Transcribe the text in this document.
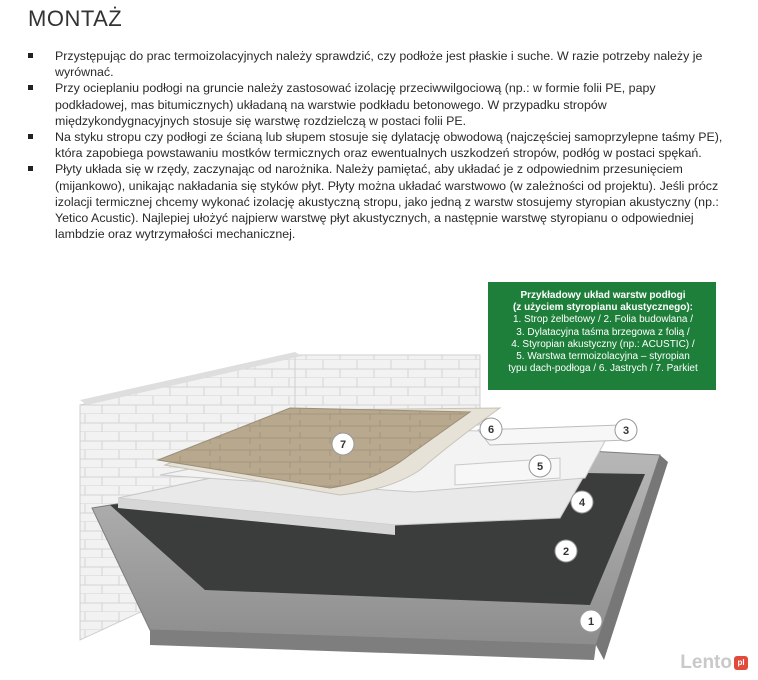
MONTAŻ
Przystępując do prac termoizolacyjnych należy sprawdzić, czy podłoże jest płaskie i suche. W razie potrzeby należy je wyrównać.
Przy ocieplaniu podłogi na gruncie należy zastosować izolację przeciwwilgociową (np.: w formie folii PE, papy podkładowej, mas bitumicznych) układaną na warstwie podkładu betonowego. W przypadku stropów międzykondygnacyjnych stosuje się warstwę rozdzielczą w postaci folii PE.
Na styku stropu czy podłogi ze ścianą lub słupem stosuje się dylatację obwodową (najczęściej samoprzylepne taśmy PE), która zapobiega powstawaniu mostków termicznych oraz ewentualnych uszkodzeń stropów, podłóg w postaci spękań.
Płyty układa się w rzędy, zaczynając od narożnika. Należy pamiętać, aby układać je z odpowiednim przesunięciem (mijankowo), unikając nakładania się styków płyt. Płyty można układać warstwowo (w zależności od projektu). Jeśli prócz izolacji termicznej chcemy wykonać izolację akustyczną stropu, jako jedną z warstw stosujemy styropian akustyczny (np.: Yetico Acustic). Najlepiej ułożyć najpierw warstwę płyt akustycznych, a następnie warstwę styropianu o odpowiedniej lambdzie oraz wytrzymałości mechanicznej.
1
2
3
4
5
6
7
Przykładowy układ warstw podłogi
(z użyciem styropianu akustycznego):
1. Strop żelbetowy / 2. Folia budowlana /
3. Dylatacyjna taśma brzegowa z folią /
4. Styropian akustyczny (np.: ACUSTIC) /
5. Warstwa termoizolacyjna – styropian
typu dach-podłoga / 6. Jastrych / 7. Parkiet
Lento pl
